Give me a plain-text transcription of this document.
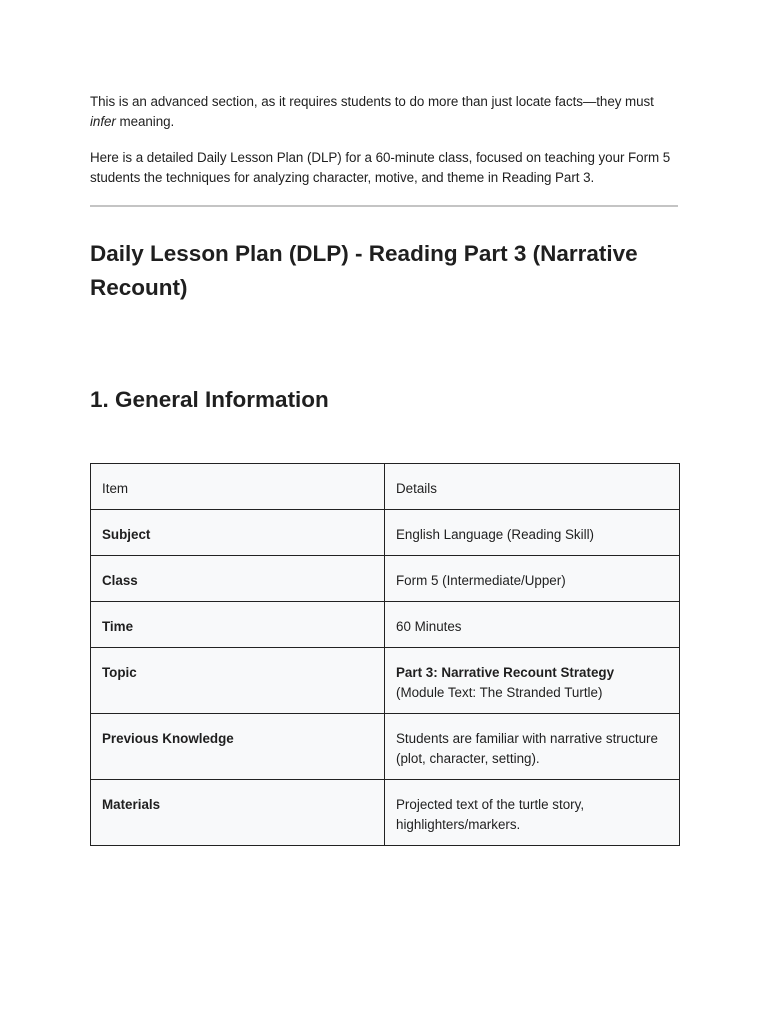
This is an advanced section, as it requires students to do more than just locate facts—they must infer meaning.

Here is a detailed Daily Lesson Plan (DLP) for a 60-minute class, focused on teaching your Form 5 students the techniques for analyzing character, motive, and theme in Reading Part 3.

Daily Lesson Plan (DLP) - Reading Part 3 (Narrative Recount)
1. General Information
Item	Details
Subject	English Language (Reading Skill)
Class	Form 5 (Intermediate/Upper)
Time	60 Minutes
Topic	Part 3: Narrative Recount Strategy
(Module Text: The Stranded Turtle)
Previous Knowledge	Students are familiar with narrative structure (plot, character, setting).
Materials	Projected text of the turtle story, highlighters/markers.
